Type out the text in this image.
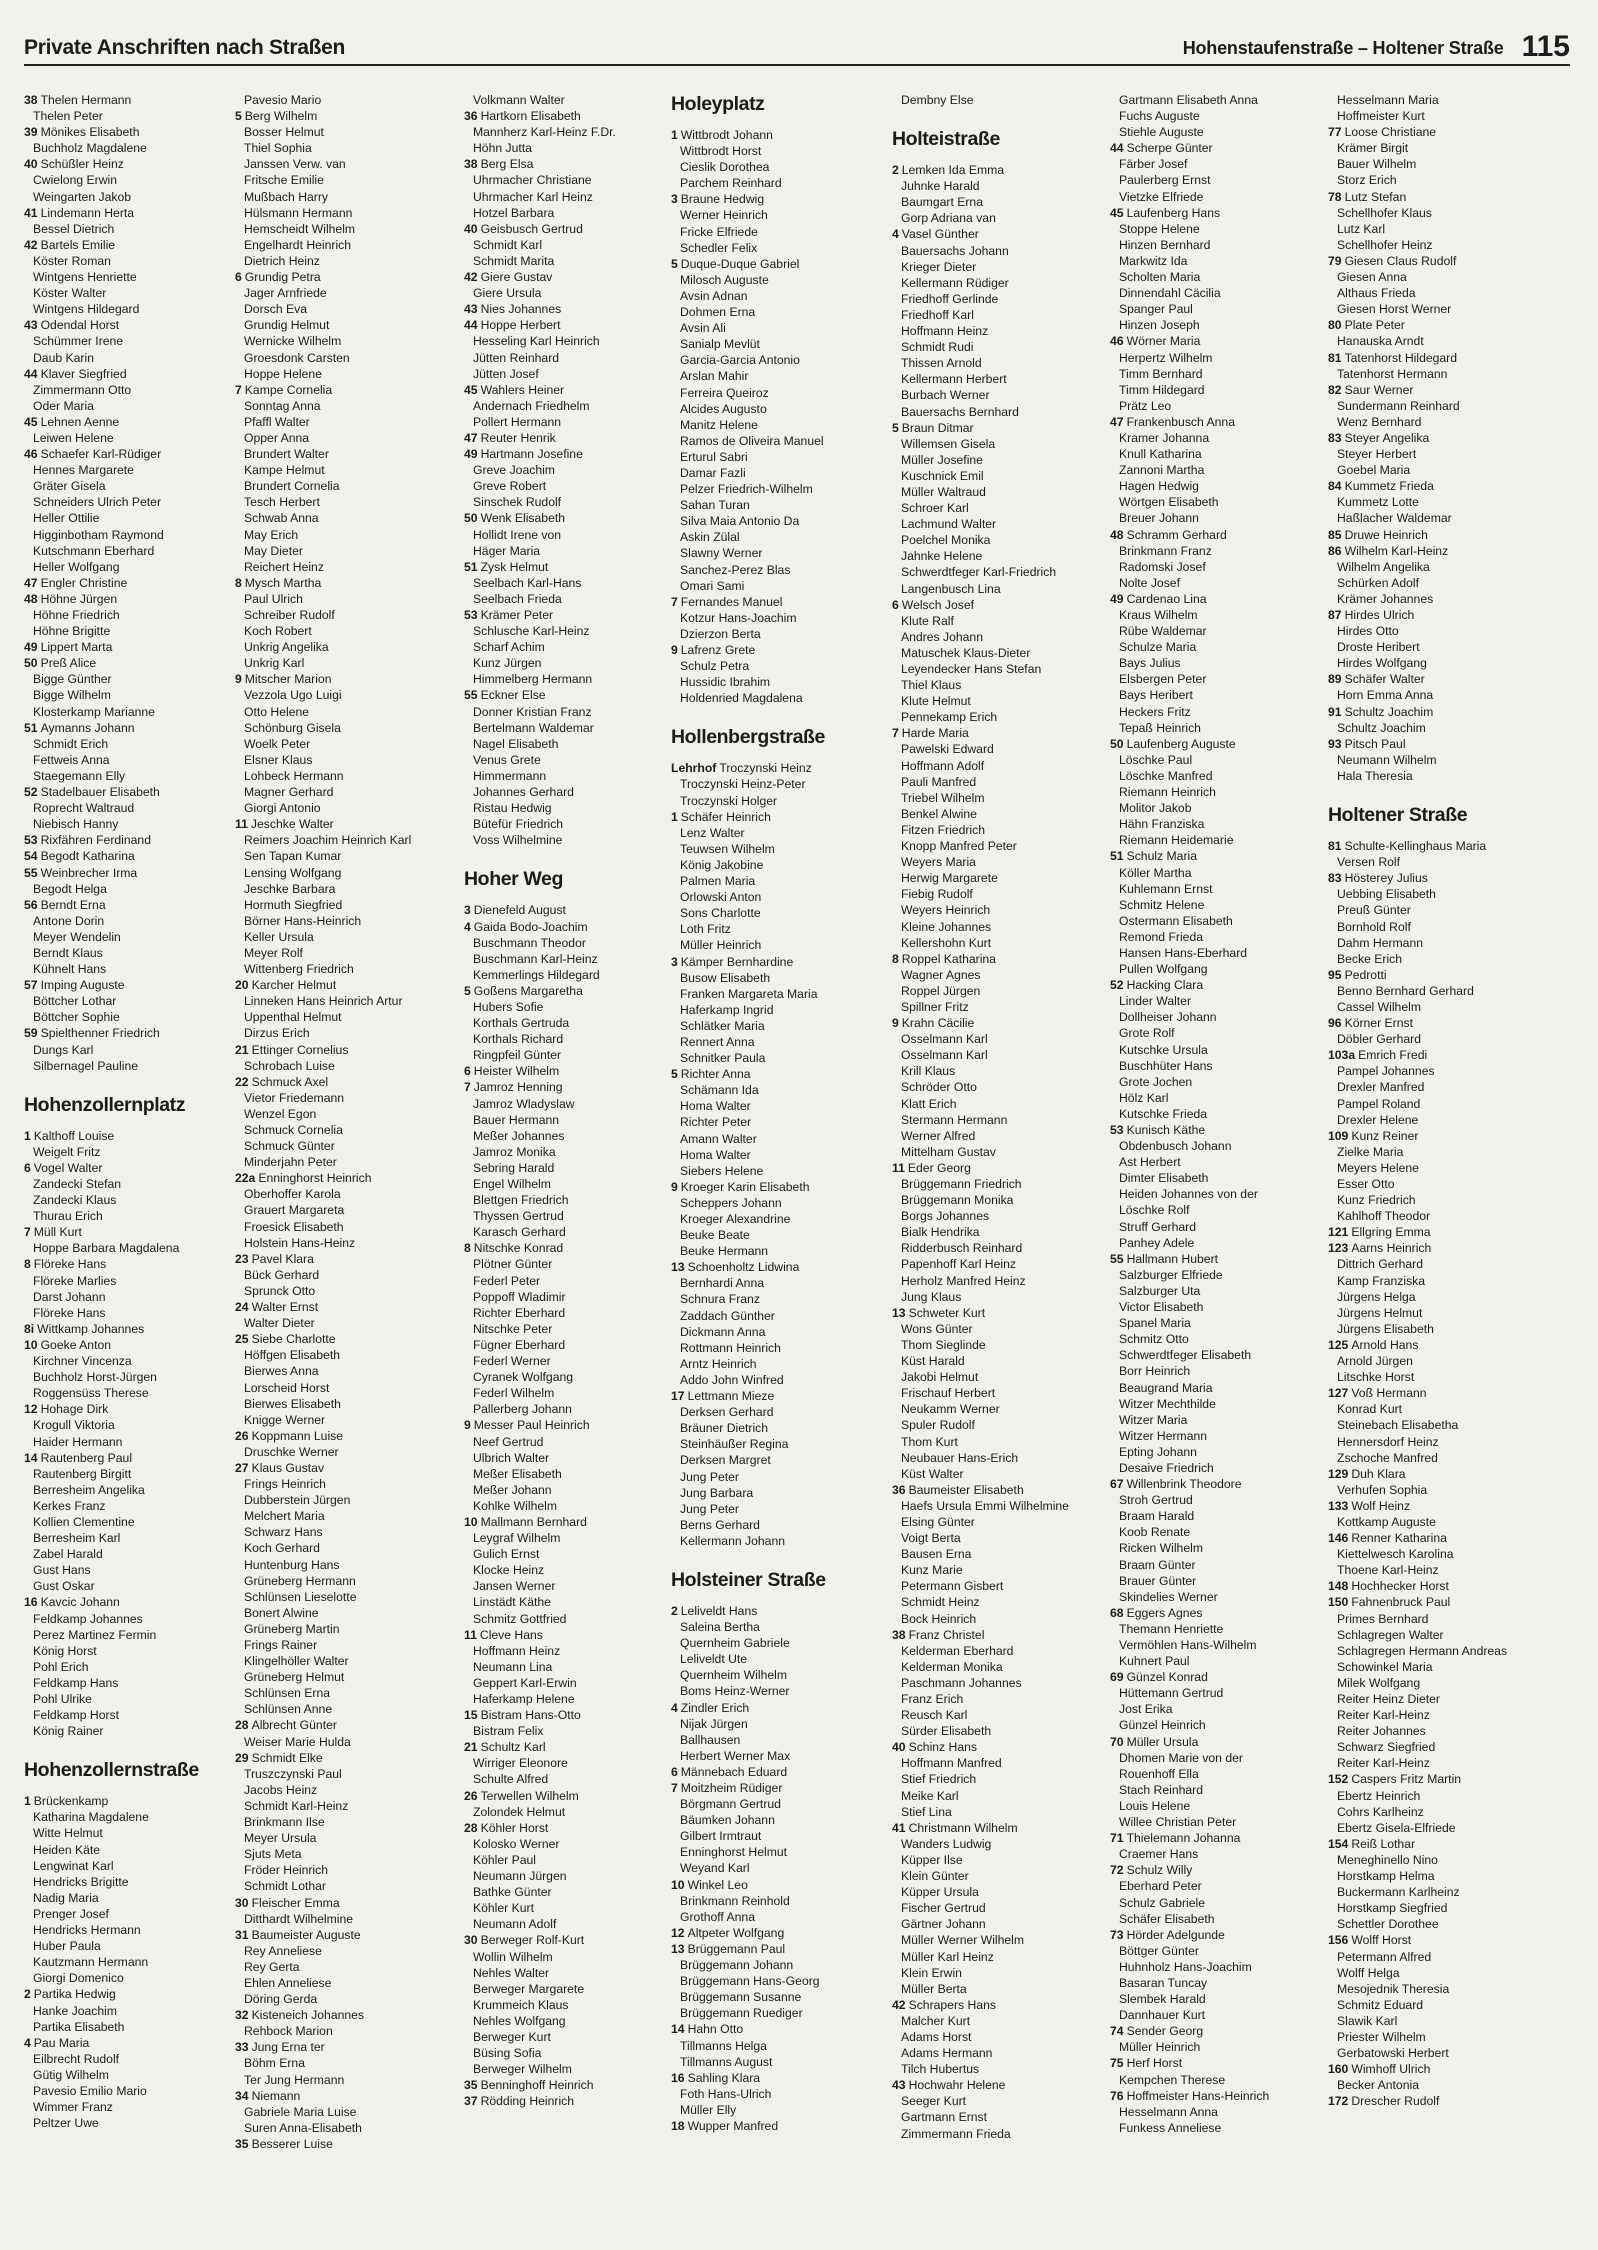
Private Anschriften nach Straßen	Hohenstaufenstraße – Holtener Straße 115
38 Thelen Hermann
Thelen Peter
39 Mönikes Elisabeth
Buchholz Magdalene
40 Schüßler Heinz
Cwielong Erwin
Weingarten Jakob
41 Lindemann Herta
Bessel Dietrich
42 Bartels Emilie
Köster Roman
Wintgens Henriette
Köster Walter
Wintgens Hildegard
43 Odendal Horst
Schümmer Irene
Daub Karin
44 Klaver Siegfried
Zimmermann Otto
Oder Maria
45 Lehnen Aenne
Leiwen Helene
46 Schaefer Karl-Rüdiger
Hennes Margarete
Gräter Gisela
Schneiders Ulrich Peter
Heller Ottilie
Higginbotham Raymond
Kutschmann Eberhard
Heller Wolfgang
47 Engler Christine
48 Höhne Jürgen
Höhne Friedrich
Höhne Brigitte
49 Lippert Marta
50 Preß Alice
Bigge Günther
Bigge Wilhelm
Klosterkamp Marianne
51 Aymanns Johann
Schmidt Erich
Fettweis Anna
Staegemann Elly
52 Stadelbauer Elisabeth
Roprecht Waltraud
Niebisch Hanny
53 Rixfähren Ferdinand
54 Begodt Katharina
55 Weinbrecher Irma
Begodt Helga
56 Berndt Erna
Antone Dorin
Meyer Wendelin
Berndt Klaus
Kühnelt Hans
57 Imping Auguste
Böttcher Lothar
Böttcher Sophie
59 Spielthenner Friedrich
Dungs Karl
Silbernagel Pauline
Hohenzollernplatz
1 Kalthoff Louise
Weigelt Fritz
6 Vogel Walter
Zandecki Stefan
Zandecki Klaus
Thurau Erich
7 Müll Kurt
Hoppe Barbara Magdalena
8 Flöreke Hans
Flöreke Marlies
Darst Johann
Flöreke Hans
8i Wittkamp Johannes
10 Goeke Anton
Kirchner Vincenza
Buchholz Horst-Jürgen
Roggensüss Therese
12 Hohage Dirk
Krogull Viktoria
Haider Hermann
14 Rautenberg Paul
Rautenberg Birgitt
Berresheim Angelika
Kerkes Franz
Kollien Clementine
Berresheim Karl
Zabel Harald
Gust Hans
Gust Oskar
16 Kavcic Johann
Feldkamp Johannes
Perez Martinez Fermin
König Horst
Pohl Erich
Feldkamp Hans
Pohl Ulrike
Feldkamp Horst
König Rainer
Hohenzollernstraße
1 Brückenkamp
Katharina Magdalene
Witte Helmut
Heiden Käte
Lengwinat Karl
Hendricks Brigitte
Nadig Maria
Prenger Josef
Hendricks Hermann
Huber Paula
Kautzmann Hermann
Giorgi Domenico
2 Partika Hedwig
Hanke Joachim
Partika Elisabeth
4 Pau Maria
Eilbrecht Rudolf
Gütig Wilhelm
Pavesio Emilio Mario
Wimmer Franz
Peltzer Uwe
Pavesio Mario
5 Berg Wilhelm
Bosser Helmut
Thiel Sophia
Janssen Verw. van
Fritsche Emilie
Mußbach Harry
Hülsmann Hermann
Hemscheidt Wilhelm
Engelhardt Heinrich
Dietrich Heinz
6 Grundig Petra
Jager Arnfriede
Dorsch Eva
Grundig Helmut
Wernicke Wilhelm
Groesdonk Carsten
Hoppe Helene
7 Kampe Cornelia
Sonntag Anna
Pfaffl Walter
Opper Anna
Brundert Walter
Kampe Helmut
Brundert Cornelia
Tesch Herbert
Schwab Anna
May Erich
May Dieter
Reichert Heinz
8 Mysch Martha
Paul Ulrich
Schreiber Rudolf
Koch Robert
Unkrig Angelika
Unkrig Karl
9 Mitscher Marion
Vezzola Ugo Luigi
Otto Helene
Schönburg Gisela
Woelk Peter
Elsner Klaus
Lohbeck Hermann
Magner Gerhard
Giorgi Antonio
11 Jeschke Walter
Reimers Joachim Heinrich Karl
Sen Tapan Kumar
Lensing Wolfgang
Jeschke Barbara
Hormuth Siegfried
Börner Hans-Heinrich
Keller Ursula
Meyer Rolf
Wittenberg Friedrich
20 Karcher Helmut
Linneken Hans Heinrich Artur
Uppenthal Helmut
Dirzus Erich
21 Ettinger Cornelius
Schrobach Luise
22 Schmuck Axel
Vietor Friedemann
Wenzel Egon
Schmuck Cornelia
Schmuck Günter
Minderjahn Peter
22a Enninghorst Heinrich
Oberhoffer Karola
Grauert Margareta
Froesick Elisabeth
Holstein Hans-Heinz
23 Pavel Klara
Bück Gerhard
Sprunck Otto
24 Walter Ernst
Walter Dieter
25 Siebe Charlotte
Höffgen Elisabeth
Bierwes Anna
Lorscheid Horst
Bierwes Elisabeth
Knigge Werner
26 Koppmann Luise
Druschke Werner
27 Klaus Gustav
Frings Heinrich
Dubberstein Jürgen
Melchert Maria
Schwarz Hans
Koch Gerhard
Huntenburg Hans
Grüneberg Hermann
Schlünsen Lieselotte
Bonert Alwine
Grüneberg Martin
Frings Rainer
Klingelhöller Walter
Grüneberg Helmut
Schlünsen Erna
Schlünsen Anne
28 Albrecht Günter
Weiser Marie Hulda
29 Schmidt Elke
Truszczynski Paul
Jacobs Heinz
Schmidt Karl-Heinz
Brinkmann Ilse
Meyer Ursula
Sjuts Meta
Fröder Heinrich
Schmidt Lothar
30 Fleischer Emma
Ditthardt Wilhelmine
31 Baumeister Auguste
Rey Anneliese
Rey Gerta
Ehlen Anneliese
Döring Gerda
32 Kisteneich Johannes
Rehbock Marion
33 Jung Erna ter
Böhm Erna
Ter Jung Hermann
34 Niemann
Gabriele Maria Luise
Suren Anna-Elisabeth
35 Besserer Luise
Volkmann Walter
36 Hartkorn Elisabeth
Mannherz Karl-Heinz F.Dr.
Höhn Jutta
38 Berg Elsa
Uhrmacher Christiane
Uhrmacher Karl Heinz
Hotzel Barbara
40 Geisbusch Gertrud
Schmidt Karl
Schmidt Marita
42 Giere Gustav
Giere Ursula
43 Nies Johannes
44 Hoppe Herbert
Hesseling Karl Heinrich
Jütten Reinhard
Jütten Josef
45 Wahlers Heiner
Andernach Friedhelm
Pollert Hermann
47 Reuter Henrik
49 Hartmann Josefine
Greve Joachim
Greve Robert
Sinschek Rudolf
50 Wenk Elisabeth
Hollidt Irene von
Häger Maria
51 Zysk Helmut
Seelbach Karl-Hans
Seelbach Frieda
53 Krämer Peter
Schlusche Karl-Heinz
Scharf Achim
Kunz Jürgen
Himmelberg Hermann
55 Eckner Else
Donner Kristian Franz
Bertelmann Waldemar
Nagel Elisabeth
Venus Grete
Himmermann
Johannes Gerhard
Ristau Hedwig
Bütefür Friedrich
Voss Wilhelmine
Hoher Weg
3 Dienefeld August
4 Gaida Bodo-Joachim
Buschmann Theodor
Buschmann Karl-Heinz
Kemmerlings Hildegard
5 Goßens Margaretha
Hubers Sofie
Korthals Gertruda
Korthals Richard
Ringpfeil Günter
6 Heister Wilhelm
7 Jamroz Henning
Jamroz Wladyslaw
Bauer Hermann
Meßer Johannes
Jamroz Monika
Sebring Harald
Engel Wilhelm
Blettgen Friedrich
Thyssen Gertrud
Karasch Gerhard
8 Nitschke Konrad
Plötner Günter
Federl Peter
Poppoff Wladimir
Richter Eberhard
Nitschke Peter
Fügner Eberhard
Federl Werner
Cyranek Wolfgang
Federl Wilhelm
Pallerberg Johann
9 Messer Paul Heinrich
Neef Gertrud
Ulbrich Walter
Meßer Elisabeth
Meßer Johann
Kohlke Wilhelm
10 Mallmann Bernhard
Leygraf Wilhelm
Gulich Ernst
Klocke Heinz
Jansen Werner
Linstädt Käthe
Schmitz Gottfried
11 Cleve Hans
Hoffmann Heinz
Neumann Lina
Geppert Karl-Erwin
Haferkamp Helene
15 Bistram Hans-Otto
Bistram Felix
21 Schultz Karl
Wirriger Eleonore
Schulte Alfred
26 Terwellen Wilhelm
Zolondek Helmut
28 Köhler Horst
Kolosko Werner
Köhler Paul
Neumann Jürgen
Bathke Günter
Köhler Kurt
Neumann Adolf
30 Berweger Rolf-Kurt
Wollin Wilhelm
Nehles Walter
Berweger Margarete
Krummeich Klaus
Nehles Wolfgang
Berweger Kurt
Büsing Sofia
Berweger Wilhelm
35 Benninghoff Heinrich
37 Rödding Heinrich
Holeyplatz
1 Wittbrodt Johann
Wittbrodt Horst
Cieslik Dorothea
Parchem Reinhard
3 Braune Hedwig
Werner Heinrich
Fricke Elfriede
Schedler Felix
5 Duque-Duque Gabriel
Milosch Auguste
Avsin Adnan
Dohmen Erna
Avsin Ali
Sanialp Mevlüt
Garcia-Garcia Antonio
Arslan Mahir
Ferreira Queiroz
Alcides Augusto
Manitz Helene
Ramos de Oliveira Manuel
Erturul Sabri
Damar Fazli
Pelzer Friedrich-Wilhelm
Sahan Turan
Silva Maia Antonio Da
Askin Zülal
Slawny Werner
Sanchez-Perez Blas
Omari Sami
7 Fernandes Manuel
Kotzur Hans-Joachim
Dzierzon Berta
9 Lafrenz Grete
Schulz Petra
Hussidic Ibrahim
Holdenried Magdalena
Hollenbergstraße
Lehrhof Troczynski Heinz
Troczynski Heinz-Peter
Troczynski Holger
1 Schäfer Heinrich
Lenz Walter
Teuwsen Wilhelm
König Jakobine
Palmen Maria
Orlowski Anton
Sons Charlotte
Loth Fritz
Müller Heinrich
3 Kämper Bernhardine
Busow Elisabeth
Franken Margareta Maria
Haferkamp Ingrid
Schlätker Maria
Rennert Anna
Schnitker Paula
5 Richter Anna
Schämann Ida
Homa Walter
Richter Peter
Amann Walter
Homa Walter
Siebers Helene
9 Kroeger Karin Elisabeth
Scheppers Johann
Kroeger Alexandrine
Beuke Beate
Beuke Hermann
13 Schoenholtz Lidwina
Bernhardi Anna
Schnura Franz
Zaddach Günther
Dickmann Anna
Rottmann Heinrich
Arntz Heinrich
Addo John Winfred
17 Lettmann Mieze
Derksen Gerhard
Bräuner Dietrich
Steinhäußer Regina
Derksen Margret
Jung Peter
Jung Barbara
Jung Peter
Berns Gerhard
Kellermann Johann
Holsteiner Straße
2 Leliveldt Hans
Saleina Bertha
Quernheim Gabriele
Leliveldt Ute
Quernheim Wilhelm
Boms Heinz-Werner
4 Zindler Erich
Nijak Jürgen
Ballhausen
Herbert Werner Max
6 Männebach Eduard
7 Moitzheim Rüdiger
Börgmann Gertrud
Bäumken Johann
Gilbert Irmtraut
Enninghorst Helmut
Weyand Karl
10 Winkel Leo
Brinkmann Reinhold
Grothoff Anna
12 Altpeter Wolfgang
13 Brüggemann Paul
Brüggemann Johann
Brüggemann Hans-Georg
Brüggemann Susanne
Brüggemann Ruediger
14 Hahn Otto
Tillmanns Helga
Tillmanns August
16 Sahling Klara
Foth Hans-Ulrich
Müller Elly
18 Wupper Manfred
Dembny Else
Holteistraße
2 Lemken Ida Emma
Juhnke Harald
Baumgart Erna
Gorp Adriana van
4 Vasel Günther
Bauersachs Johann
Krieger Dieter
Kellermann Rüdiger
Friedhoff Gerlinde
Friedhoff Karl
Hoffmann Heinz
Schmidt Rudi
Thissen Arnold
Kellermann Herbert
Burbach Werner
Bauersachs Bernhard
5 Braun Ditmar
Willemsen Gisela
Müller Josefine
Kuschnick Emil
Müller Waltraud
Schroer Karl
Lachmund Walter
Poelchel Monika
Jahnke Helene
Schwerdtfeger Karl-Friedrich
Langenbusch Lina
6 Welsch Josef
Klute Ralf
Andres Johann
Matuschek Klaus-Dieter
Leyendecker Hans Stefan
Thiel Klaus
Klute Helmut
Pennekamp Erich
7 Harde Maria
Pawelski Edward
Hoffmann Adolf
Pauli Manfred
Triebel Wilhelm
Benkel Alwine
Fitzen Friedrich
Knopp Manfred Peter
Weyers Maria
Herwig Margarete
Fiebig Rudolf
Weyers Heinrich
Kleine Johannes
Kellershohn Kurt
8 Roppel Katharina
Wagner Agnes
Roppel Jürgen
Spillner Fritz
9 Krahn Cäcilie
Osselmann Karl
Osselmann Karl
Krill Klaus
Schröder Otto
Klatt Erich
Stermann Hermann
Werner Alfred
Mittelham Gustav
11 Eder Georg
Brüggemann Friedrich
Brüggemann Monika
Borgs Johannes
Bialk Hendrika
Ridderbusch Reinhard
Papenhoff Karl Heinz
Herholz Manfred Heinz
Jung Klaus
13 Schweter Kurt
Wons Günter
Thom Sieglinde
Küst Harald
Jakobi Helmut
Frischauf Herbert
Neukamm Werner
Spuler Rudolf
Thom Kurt
Neubauer Hans-Erich
Küst Walter
36 Baumeister Elisabeth
Haefs Ursula Emmi Wilhelmine
Elsing Günter
Voigt Berta
Bausen Erna
Kunz Marie
Petermann Gisbert
Schmidt Heinz
Bock Heinrich
38 Franz Christel
Kelderman Eberhard
Kelderman Monika
Paschmann Johannes
Franz Erich
Reusch Karl
Sürder Elisabeth
40 Schinz Hans
Hoffmann Manfred
Stief Friedrich
Meike Karl
Stief Lina
41 Christmann Wilhelm
Wanders Ludwig
Küpper Ilse
Klein Günter
Küpper Ursula
Fischer Gertrud
Gärtner Johann
Müller Werner Wilhelm
Müller Karl Heinz
Klein Erwin
Müller Berta
42 Schrapers Hans
Malcher Kurt
Adams Horst
Adams Hermann
Tilch Hubertus
43 Hochwahr Helene
Seeger Kurt
Gartmann Ernst
Zimmermann Frieda
Gartmann Elisabeth Anna
Fuchs Auguste
Stiehle Auguste
44 Scherpe Günter
Färber Josef
Paulerberg Ernst
Vietzke Elfriede
45 Laufenberg Hans
Stoppe Helene
Hinzen Bernhard
Markwitz Ida
Scholten Maria
Dinnendahl Cäcilia
Spanger Paul
Hinzen Joseph
46 Wörner Maria
Herpertz Wilhelm
Timm Bernhard
Timm Hildegard
Prätz Leo
47 Frankenbusch Anna
Kramer Johanna
Knull Katharina
Zannoni Martha
Hagen Hedwig
Wörtgen Elisabeth
Breuer Johann
48 Schramm Gerhard
Brinkmann Franz
Radomski Josef
Nolte Josef
49 Cardenao Lina
Kraus Wilhelm
Rübe Waldemar
Schulze Maria
Bays Julius
Elsbergen Peter
Bays Heribert
Heckers Fritz
Tepaß Heinrich
50 Laufenberg Auguste
Löschke Paul
Löschke Manfred
Riemann Heinrich
Molitor Jakob
Hähn Franziska
Riemann Heidemarie
51 Schulz Maria
Köller Martha
Kuhlemann Ernst
Schmitz Helene
Ostermann Elisabeth
Remond Frieda
Hansen Hans-Eberhard
Pullen Wolfgang
52 Hacking Clara
Linder Walter
Dollheiser Johann
Grote Rolf
Kutschke Ursula
Buschhüter Hans
Grote Jochen
Hölz Karl
Kutschke Frieda
53 Kunisch Käthe
Obdenbusch Johann
Ast Herbert
Dimter Elisabeth
Heiden Johannes von der
Löschke Rolf
Struff Gerhard
Panhey Adele
55 Hallmann Hubert
Salzburger Elfriede
Salzburger Uta
Victor Elisabeth
Spanel Maria
Schmitz Otto
Schwerdtfeger Elisabeth
Borr Heinrich
Beaugrand Maria
Witzer Mechthilde
Witzer Maria
Witzer Hermann
Epting Johann
Desaive Friedrich
67 Willenbrink Theodore
Stroh Gertrud
Braam Harald
Koob Renate
Ricken Wilhelm
Braam Günter
Brauer Günter
Skindelies Werner
68 Eggers Agnes
Themann Henriette
Vermöhlen Hans-Wilhelm
Kuhnert Paul
69 Günzel Konrad
Hüttemann Gertrud
Jost Erika
Günzel Heinrich
70 Müller Ursula
Dhomen Marie von der
Rouenhoff Ella
Stach Reinhard
Louis Helene
Willee Christian Peter
71 Thielemann Johanna
Craemer Hans
72 Schulz Willy
Eberhard Peter
Schulz Gabriele
Schäfer Elisabeth
73 Hörder Adelgunde
Böttger Günter
Huhnholz Hans-Joachim
Basaran Tuncay
Slembek Harald
Dannhauer Kurt
74 Sender Georg
Müller Heinrich
75 Herf Horst
Kempchen Therese
76 Hoffmeister Hans-Heinrich
Hesselmann Anna
Funkess Anneliese
Hesselmann Maria
Hoffmeister Kurt
77 Loose Christiane
Krämer Birgit
Bauer Wilhelm
Storz Erich
78 Lutz Stefan
Schellhofer Klaus
Lutz Karl
Schellhofer Heinz
79 Giesen Claus Rudolf
Giesen Anna
Althaus Frieda
Giesen Horst Werner
80 Plate Peter
Hanauska Arndt
81 Tatenhorst Hildegard
Tatenhorst Hermann
82 Saur Werner
Sundermann Reinhard
Wenz Bernhard
83 Steyer Angelika
Steyer Herbert
Goebel Maria
84 Kummetz Frieda
Kummetz Lotte
Haßlacher Waldemar
85 Druwe Heinrich
86 Wilhelm Karl-Heinz
Wilhelm Angelika
Schürken Adolf
Krämer Johannes
87 Hirdes Ulrich
Hirdes Otto
Droste Heribert
Hirdes Wolfgang
89 Schäfer Walter
Horn Emma Anna
91 Schultz Joachim
Schultz Joachim
93 Pitsch Paul
Neumann Wilhelm
Hala Theresia
Holtener Straße
81 Schulte-Kellinghaus Maria
Versen Rolf
83 Hösterey Julius
Uebbing Elisabeth
Preuß Günter
Bornhold Rolf
Dahm Hermann
Becke Erich
95 Pedrotti
Benno Bernhard Gerhard
Cassel Wilhelm
96 Körner Ernst
Döbler Gerhard
103a Emrich Fredi
Pampel Johannes
Drexler Manfred
Pampel Roland
Drexler Helene
109 Kunz Reiner
Zielke Maria
Meyers Helene
Esser Otto
Kunz Friedrich
Kahlhoff Theodor
121 Ellgring Emma
123 Aarns Heinrich
Dittrich Gerhard
Kamp Franziska
Jürgens Helga
Jürgens Helmut
Jürgens Elisabeth
125 Arnold Hans
Arnold Jürgen
Litschke Horst
127 Voß Hermann
Konrad Kurt
Steinebach Elisabetha
Hennersdorf Heinz
Zschoche Manfred
129 Duh Klara
Verhufen Sophia
133 Wolf Heinz
Kottkamp Auguste
146 Renner Katharina
Kiettelwesch Karolina
Thoene Karl-Heinz
148 Hochhecker Horst
150 Fahnenbruck Paul
Primes Bernhard
Schlagregen Walter
Schlagregen Hermann Andreas
Schowinkel Maria
Milek Wolfgang
Reiter Heinz Dieter
Reiter Karl-Heinz
Reiter Johannes
Schwarz Siegfried
Reiter Karl-Heinz
152 Caspers Fritz Martin
Ebertz Heinrich
Cohrs Karlheinz
Ebertz Gisela-Elfriede
154 Reiß Lothar
Meneghinello Nino
Horstkamp Helma
Buckermann Karlheinz
Horstkamp Siegfried
Schettler Dorothee
156 Wolff Horst
Petermann Alfred
Wolff Helga
Mesojednik Theresia
Schmitz Eduard
Slawik Karl
Priester Wilhelm
Gerbatowski Herbert
160 Wimhoff Ulrich
Becker Antonia
172 Drescher Rudolf
